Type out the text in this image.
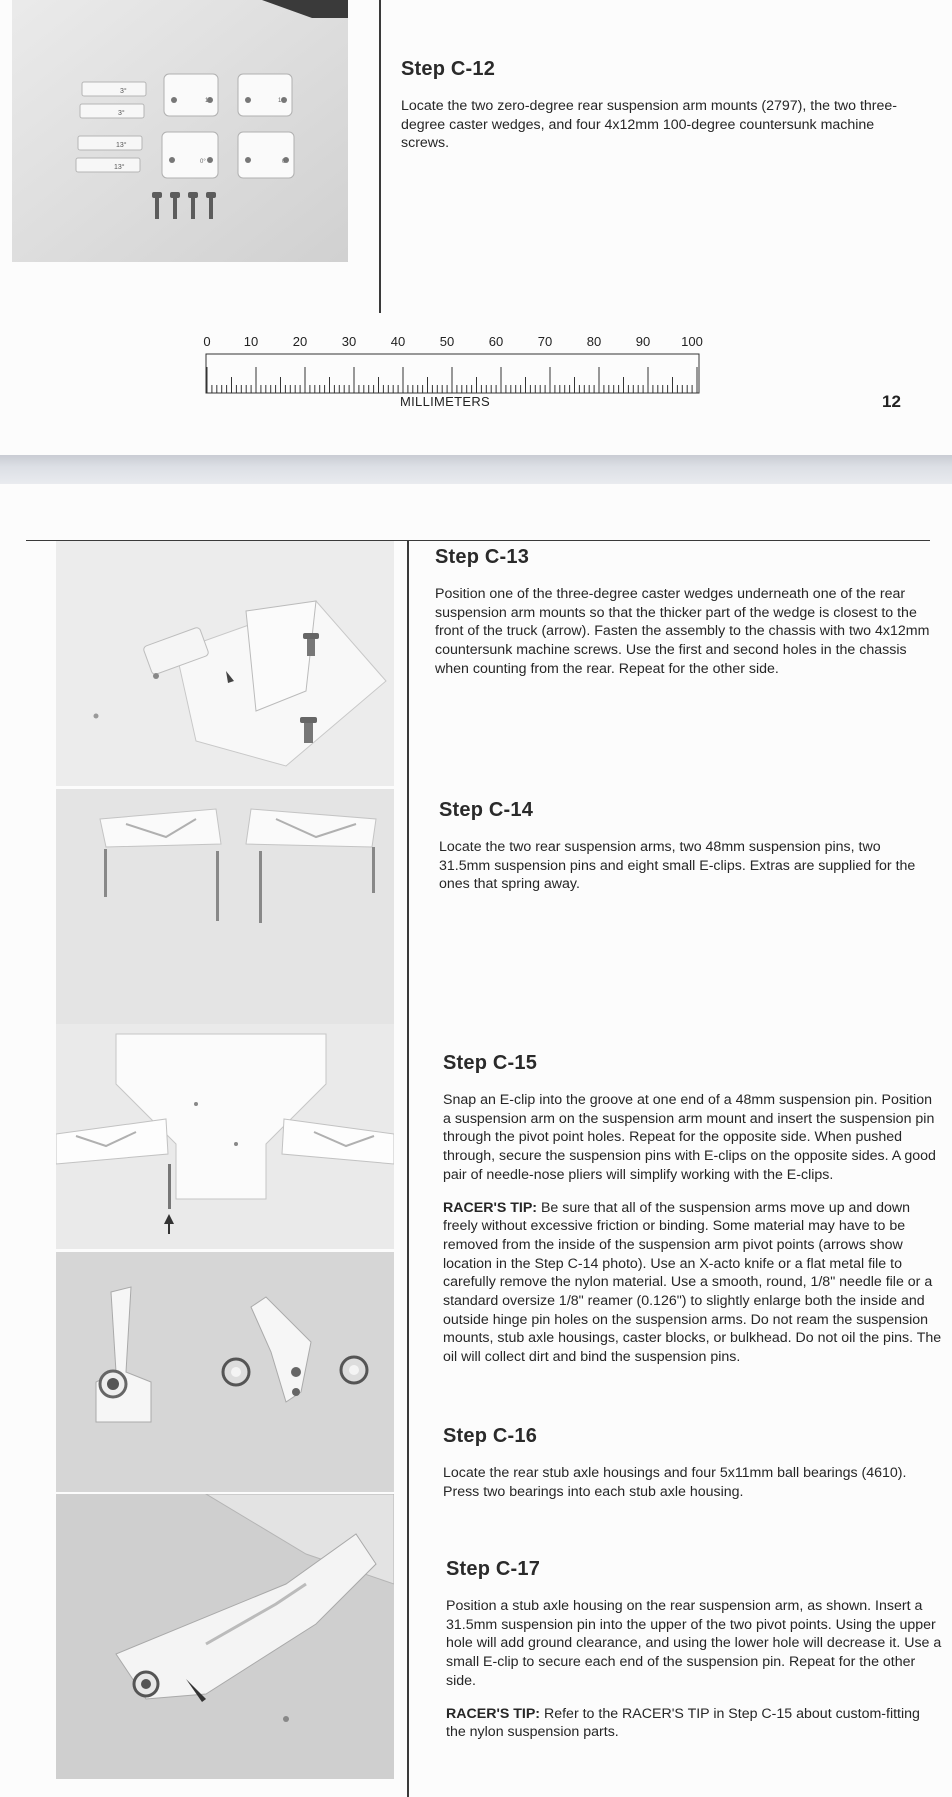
3°
3°
13°
13°
1°	1°
0°	0°
Step C-12

Locate the two zero-degree rear suspension arm mounts (2797), the two three-degree caster wedges, and four 4x12mm 100-degree countersunk machine screws.

0	10	20	30	40	50	60	70	80	90 100
MILLIMETERS	12
Step C-13

Position one of the three-degree caster wedges underneath one of the rear suspension arm mounts so that the thicker part of the wedge is closest to the front of the truck (arrow). Fasten the assembly to the chassis with two 4x12mm countersunk machine screws. Use the first and second holes in the chassis when counting from the rear. Repeat for the other side.

Step C-14

Locate the two rear suspension arms, two 48mm suspension pins, two 31.5mm suspension pins and eight small E-clips. Extras are supplied for the ones that spring away.

Step C-15

Snap an E-clip into the groove at one end of a 48mm suspension pin. Position a suspension arm on the suspension arm mount and insert the suspension pin through the pivot point holes. Repeat for the opposite side. When pushed through, secure the suspension pins with E-clips on the opposite sides. A good pair of needle-nose pliers will simplify working with the E-clips.

RACER'S TIP: Be sure that all of the suspension arms move up and down freely without excessive friction or binding. Some material may have to be removed from the inside of the suspension arm pivot points (arrows show location in the Step C-14 photo). Use an X-acto knife or a flat metal file to carefully remove the nylon material. Use a smooth, round, 1/8" needle file or a standard oversize 1/8" reamer (0.126") to slightly enlarge both the inside and outside hinge pin holes on the suspension arms. Do not ream the suspension mounts, stub axle housings, caster blocks, or bulkhead. Do not oil the pins. The oil will collect dirt and bind the suspension pins.

Step C-16

Locate the rear stub axle housings and four 5x11mm ball bearings (4610). Press two bearings into each stub axle housing.

Step C-17

Position a stub axle housing on the rear suspension arm, as shown. Insert a 31.5mm suspension pin into the upper of the two pivot points. Using the upper hole will add ground clearance, and using the lower hole will decrease it. Use a small E-clip to secure each end of the suspension pin. Repeat for the other side.

RACER'S TIP: Refer to the RACER'S TIP in Step C-15 about custom-fitting the nylon suspension parts.
